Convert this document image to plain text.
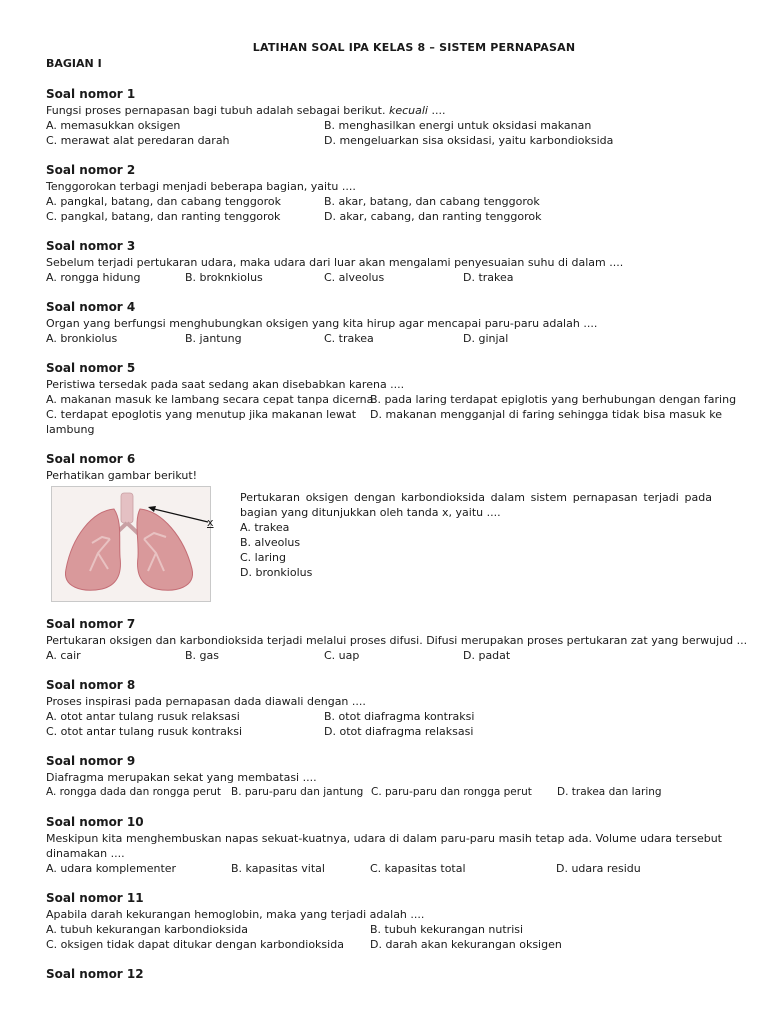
LATIHAN SOAL IPA KELAS 8 – SISTEM PERNAPASAN
BAGIAN I
Soal nomor 1
Fungsi proses pernapasan bagi tubuh adalah sebagai berikut. kecuali ....
A. memasukkan oksigen	B. menghasilkan energi untuk oksidasi makanan
C. merawat alat peredaran darah	D. mengeluarkan sisa oksidasi, yaitu karbondioksida
Soal nomor 2
Tenggorokan terbagi menjadi beberapa bagian, yaitu ....
A. pangkal, batang, dan cabang tenggorok	B. akar, batang, dan cabang tenggorok
C. pangkal, batang, dan ranting tenggorok	D. akar, cabang, dan ranting tenggorok
Soal nomor 3
Sebelum terjadi pertukaran udara, maka udara dari luar akan mengalami penyesuaian suhu di dalam ....
A. rongga hidung	B. broknkiolus	C. alveolus	D. trakea
Soal nomor 4
Organ yang berfungsi menghubungkan oksigen yang kita hirup agar mencapai paru-paru adalah ....
A. bronkiolus	B. jantung	C. trakea	D. ginjal
Soal nomor 5
Peristiwa tersedak pada saat sedang akan disebabkan karena ....
A. makanan masuk ke lambang secara cepat tanpa dicerna
B. pada laring terdapat epiglotis yang berhubungan dengan faring
C. terdapat epoglotis yang menutup jika makanan lewat	D. makanan mengganjal di faring sehingga tidak bisa masuk ke
lambung
Soal nomor 6
Perhatikan gambar berikut!
x
Pertukaran oksigen dengan karbondioksida dalam sistem pernapasan terjadi pada bagian yang ditunjukkan oleh tanda x, yaitu ....
A. trakea
B. alveolus
C. laring
D. bronkiolus
Soal nomor 7
Pertukaran oksigen dan karbondioksida terjadi melalui proses difusi. Difusi merupakan proses pertukaran zat yang berwujud ...
A. cair	B. gas	C. uap	D. padat
Soal nomor 8
Proses inspirasi pada pernapasan dada diawali dengan ....
A. otot antar tulang rusuk relaksasi	B. otot diafragma kontraksi
C. otot antar tulang rusuk kontraksi	D. otot diafragma relaksasi
Soal nomor 9
Diafragma merupakan sekat yang membatasi ....
A. rongga dada dan rongga perut B. paru-paru dan jantung C. paru-paru dan rongga perut	D. trakea dan laring
Soal nomor 10
Meskipun kita menghembuskan napas sekuat-kuatnya, udara di dalam paru-paru masih tetap ada. Volume udara tersebut dinamakan ....
A. udara komplementer	B. kapasitas vital	C. kapasitas total	D. udara residu
Soal nomor 11
Apabila darah kekurangan hemoglobin, maka yang terjadi adalah ....
A. tubuh kekurangan karbondioksida	B. tubuh kekurangan nutrisi
C. oksigen tidak dapat ditukar dengan karbondioksida	D. darah akan kekurangan oksigen
Soal nomor 12
